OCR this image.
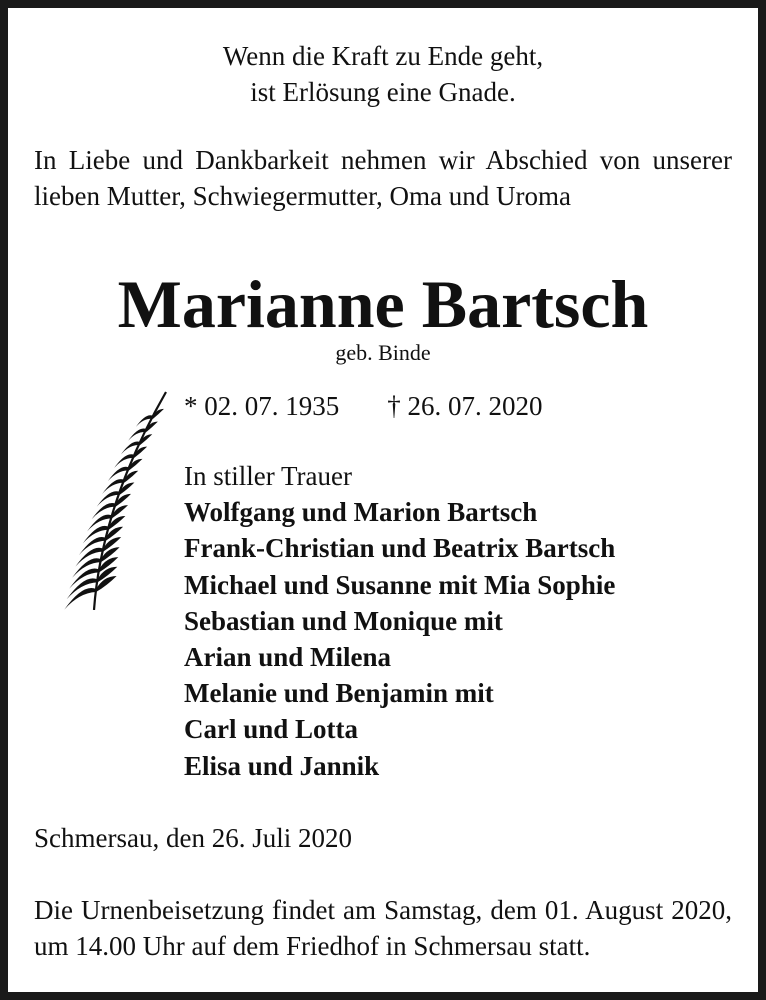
Wenn die Kraft zu Ende geht,
ist Erlösung eine Gnade.

In Liebe und Dankbarkeit nehmen wir Abschied von unserer lieben Mutter, Schwiegermutter, Oma und Uroma

Marianne Bartsch
geb. Binde
* 02. 07. 1935 † 26. 07. 2020
In stiller Trauer
Wolfgang und Marion Bartsch
Frank-Christian und Beatrix Bartsch
Michael und Susanne mit Mia Sophie
Sebastian und Monique mit
Arian und Milena
Melanie und Benjamin mit
Carl und Lotta
Elisa und Jannik
Schmersau, den 26. Juli 2020

Die Urnenbeisetzung findet am Samstag, dem 01. August 2020, um 14.00 Uhr auf dem Friedhof in Schmersau statt.
